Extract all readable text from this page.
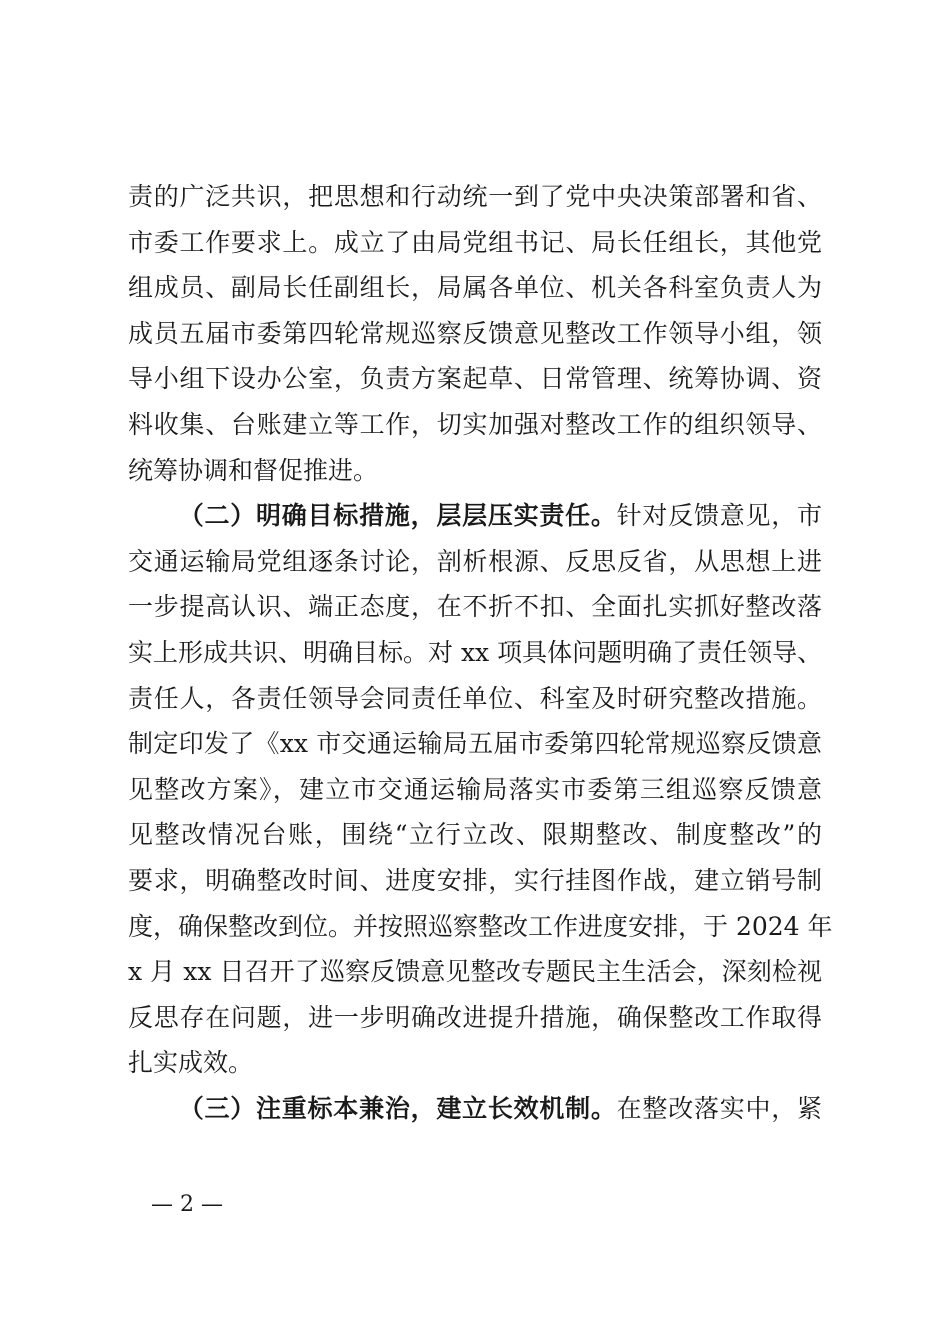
责的广泛共识，把思想和行动统一到了党中央决策部署和省、
市委工作要求上。成立了由局党组书记、局长任组长，其他党
组成员、副局长任副组长，局属各单位、机关各科室负责人为
成员五届市委第四轮常规巡察反馈意见整改工作领导小组，领
导小组下设办公室，负责方案起草、日常管理、统筹协调、资
料收集、台账建立等工作，切实加强对整改工作的组织领导、
统筹协调和督促推进。
（二）明确目标措施，层层压实责任。针对反馈意见，市
交通运输局党组逐条讨论，剖析根源、反思反省，从思想上进
一步提高认识、端正态度，在不折不扣、全面扎实抓好整改落
实上形成共识、明确目标。对 xx 项具体问题明确了责任领导、
责任人，各责任领导会同责任单位、科室及时研究整改措施。
制定印发了《xx 市交通运输局五届市委第四轮常规巡察反馈意
见整改方案》，建立市交通运输局落实市委第三组巡察反馈意
见整改情况台账，围绕“立行立改、限期整改、制度整改”的
要求，明确整改时间、进度安排，实行挂图作战，建立销号制
度，确保整改到位。并按照巡察整改工作进度安排，于 2024 年
x 月 xx 日召开了巡察反馈意见整改专题民主生活会，深刻检视
反思存在问题，进一步明确改进提升措施，确保整改工作取得
扎实成效。
（三）注重标本兼治，建立长效机制。在整改落实中，紧
— 2 —
